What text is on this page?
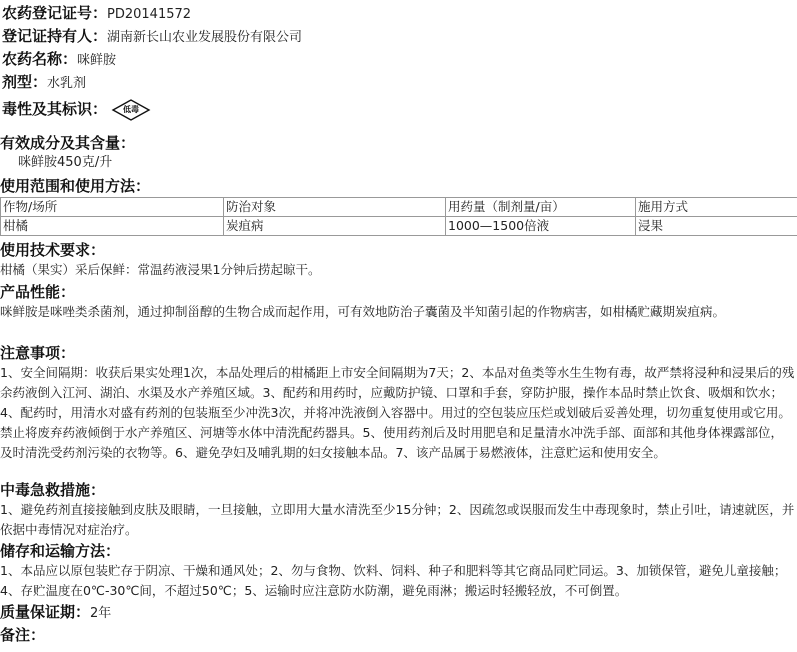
农药登记证号：PD20141572
登记证持有人：湖南新长山农业发展股份有限公司
农药名称：咪鲜胺
剂型：水乳剂
毒性及其标识：	低毒
有效成分及其含量：
咪鲜胺450克/升
使用范围和使用方法：
作物/场所	防治对象	用药量（制剂量/亩）	施用方式
柑橘	炭疽病	1000—1500倍液	浸果
使用技术要求：
柑橘（果实）采后保鲜：常温药液浸果1分钟后捞起晾干。
产品性能：
咪鲜胺是咪唑类杀菌剂，通过抑制甾醇的生物合成而起作用，可有效地防治子囊菌及半知菌引起的作物病害，如柑橘贮藏期炭疽病。
注意事项：
1、安全间隔期：收获后果实处理1次，本品处理后的柑橘距上市安全间隔期为7天；2、本品对鱼类等水生生物有毒，故严禁将浸种和浸果后的残余药液倒入江河、湖泊、水渠及水产养殖区域。3、配药和用药时，应戴防护镜、口罩和手套，穿防护服，操作本品时禁止饮食、吸烟和饮水；4、配药时，用清水对盛有药剂的包装瓶至少冲洗3次，并将冲洗液倒入容器中。用过的空包装应压烂或划破后妥善处理，切勿重复使用或它用。禁止将废弃药液倾倒于水产养殖区、河塘等水体中清洗配药器具。5、使用药剂后及时用肥皂和足量清水冲洗手部、面部和其他身体裸露部位，及时清洗受药剂污染的衣物等。6、避免孕妇及哺乳期的妇女接触本品。7、该产品属于易燃液体，注意贮运和使用安全。
中毒急救措施：
1、避免药剂直接接触到皮肤及眼睛，一旦接触，立即用大量水清洗至少15分钟；2、因疏忽或误服而发生中毒现象时，禁止引吐，请速就医，并依据中毒情况对症治疗。
储存和运输方法：
1、本品应以原包装贮存于阴凉、干燥和通风处；2、勿与食物、饮料、饲料、种子和肥料等其它商品同贮同运。3、加锁保管，避免儿童接触；4、存贮温度在0℃-30℃间，不超过50℃；5、运输时应注意防水防潮，避免雨淋；搬运时轻搬轻放，不可倒置。
质量保证期：2年
备注：
